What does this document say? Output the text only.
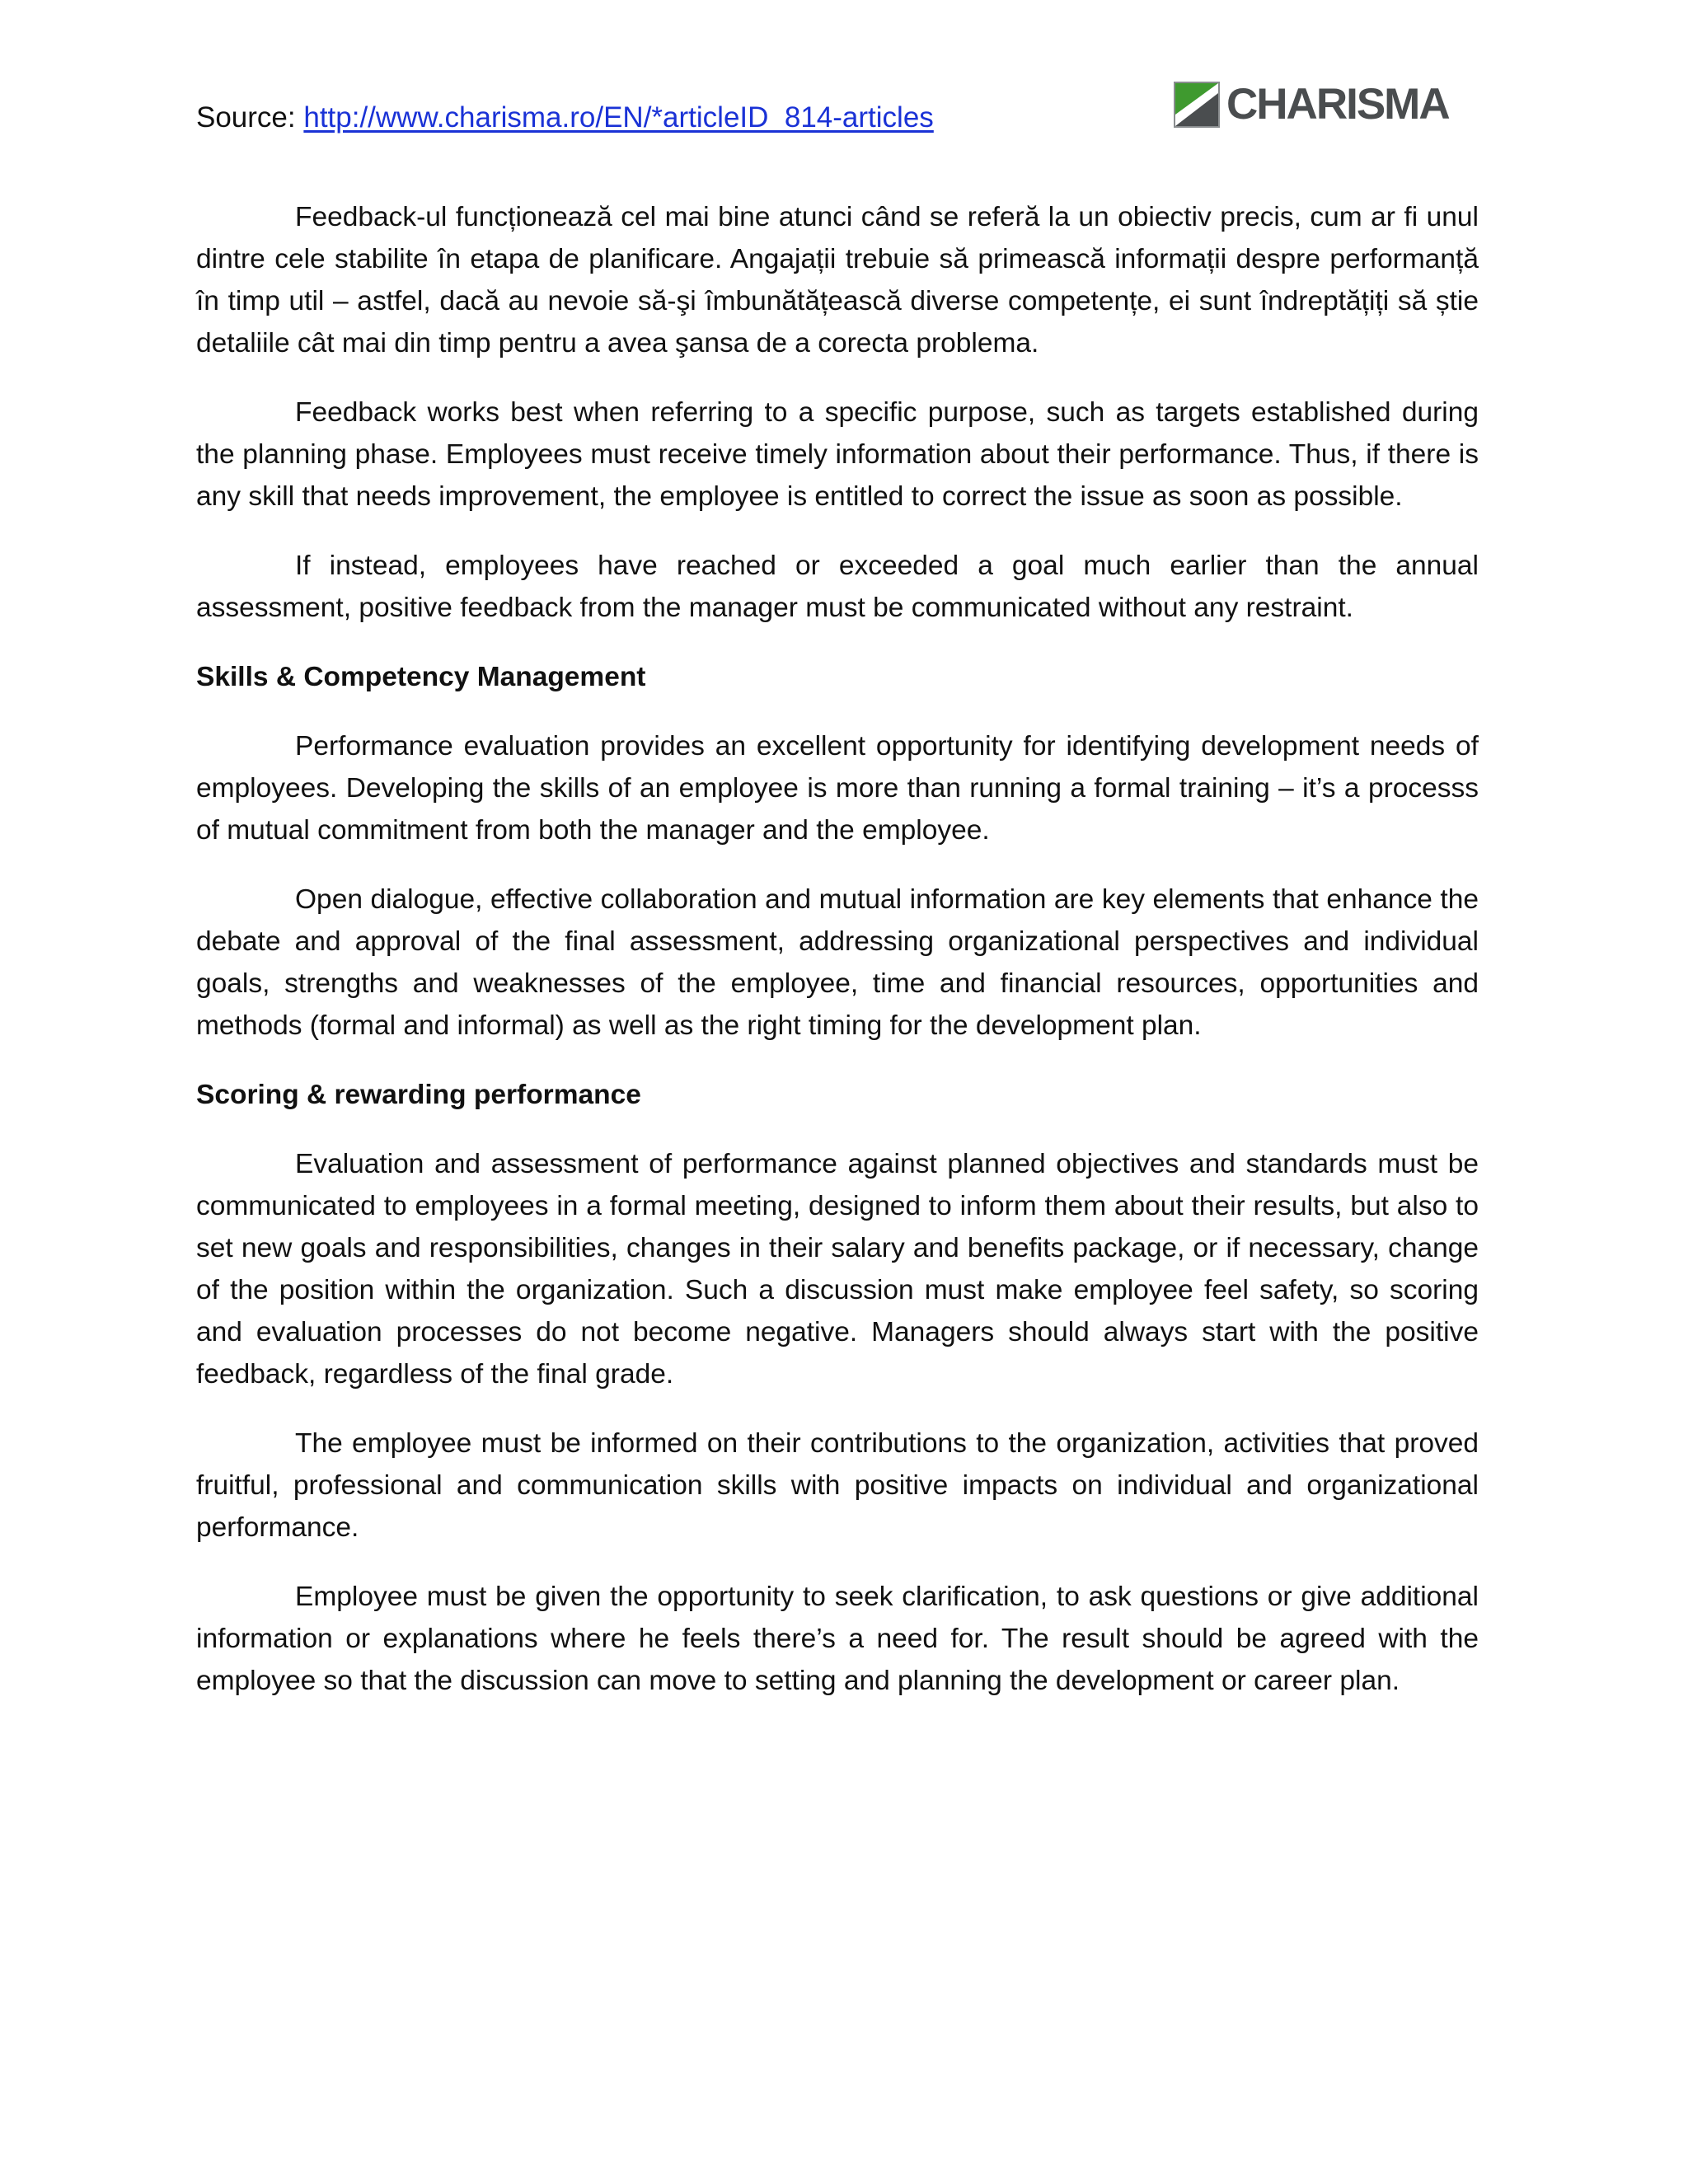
Source: http://www.charisma.ro/EN/*articleID_814-articles	CHARISMA

Feedback-ul funcționează cel mai bine atunci când se referă la un obiectiv precis, cum ar fi unul dintre cele stabilite în etapa de planificare. Angajații trebuie să primească informații despre performanță în timp util – astfel, dacă au nevoie să-şi îmbunătățească diverse competențe, ei sunt îndreptățiți să știe detaliile cât mai din timp pentru a avea şansa de a corecta problema.

Feedback works best when referring to a specific purpose, such as targets established during the planning phase. Employees must receive timely information about their performance. Thus, if there is any skill that needs improvement, the employee is entitled to correct the issue as soon as possible.

If instead, employees have reached or exceeded a goal much earlier than the annual assessment, positive feedback from the manager must be communicated without any restraint.

Skills & Competency Management

Performance evaluation provides an excellent opportunity for identifying development needs of employees. Developing the skills of an employee is more than running a formal training – it’s a processs of mutual commitment from both the manager and the employee.

Open dialogue, effective collaboration and mutual information are key elements that enhance the debate and approval of the final assessment, addressing organizational perspectives and individual goals, strengths and weaknesses of the employee, time and financial resources, opportunities and methods (formal and informal) as well as the right timing for the development plan.

Scoring & rewarding performance

Evaluation and assessment of performance against planned objectives and standards must be communicated to employees in a formal meeting, designed to inform them about their results, but also to set new goals and responsibilities, changes in their salary and benefits package, or if necessary, change of the position within the organization. Such a discussion must make employee feel safety, so scoring and evaluation processes do not become negative. Managers should always start with the positive feedback, regardless of the final grade.

The employee must be informed on their contributions to the organization, activities that proved fruitful, professional and communication skills with positive impacts on individual and organizational performance.

Employee must be given the opportunity to seek clarification, to ask questions or give additional information or explanations where he feels there’s a need for. The result should be agreed with the employee so that the discussion can move to setting and planning the development or career plan.
